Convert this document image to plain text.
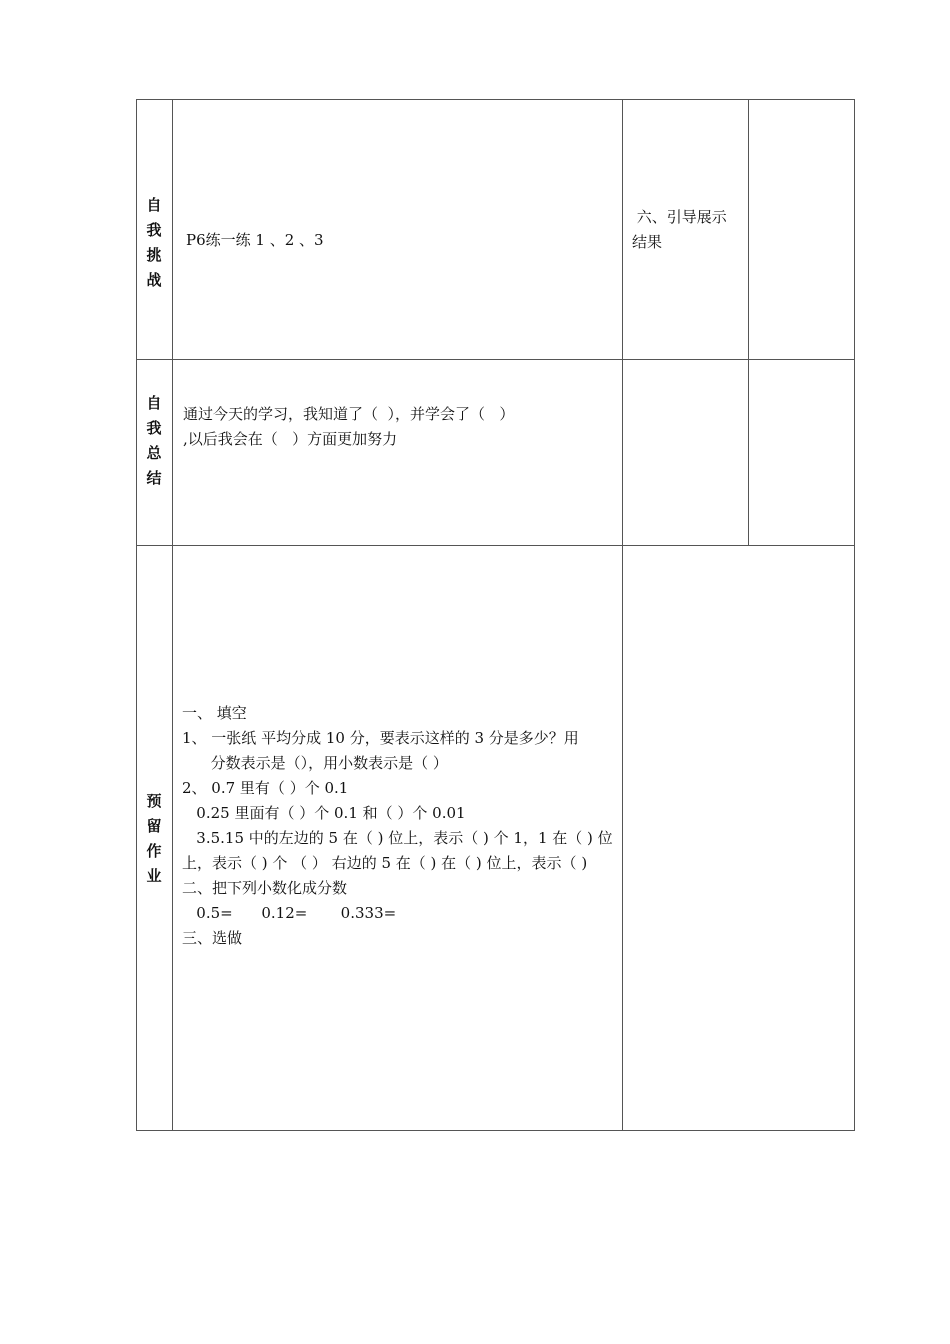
自
我
挑
战
P6练一练 1 、2 、3
六、引导展示
结果
自
我
总
结
通过今天的学习，我知道了（  ），并学会了（   ）
,以后我会在（   ）方面更加努力
预
留
作
业
一、 填空
1、 一张纸 平均分成 10 分，要表示这样的 3 分是多少？用
分数表示是（），用小数表示是（ ）
2、 0.7 里有（ ）个 0.1
0.25 里面有（ ）个 0.1 和（ ）个 0.01
3.5.15 中的左边的 5 在（ ) 位上，表示（ ) 个 1，1 在（ ) 位
上，表示（ ) 个 （ ） 右边的 5 在（ ) 在（ ) 位上，表示（ )
二、把下列小数化成分数
0.5=      0.12=       0.333=
三、选做
